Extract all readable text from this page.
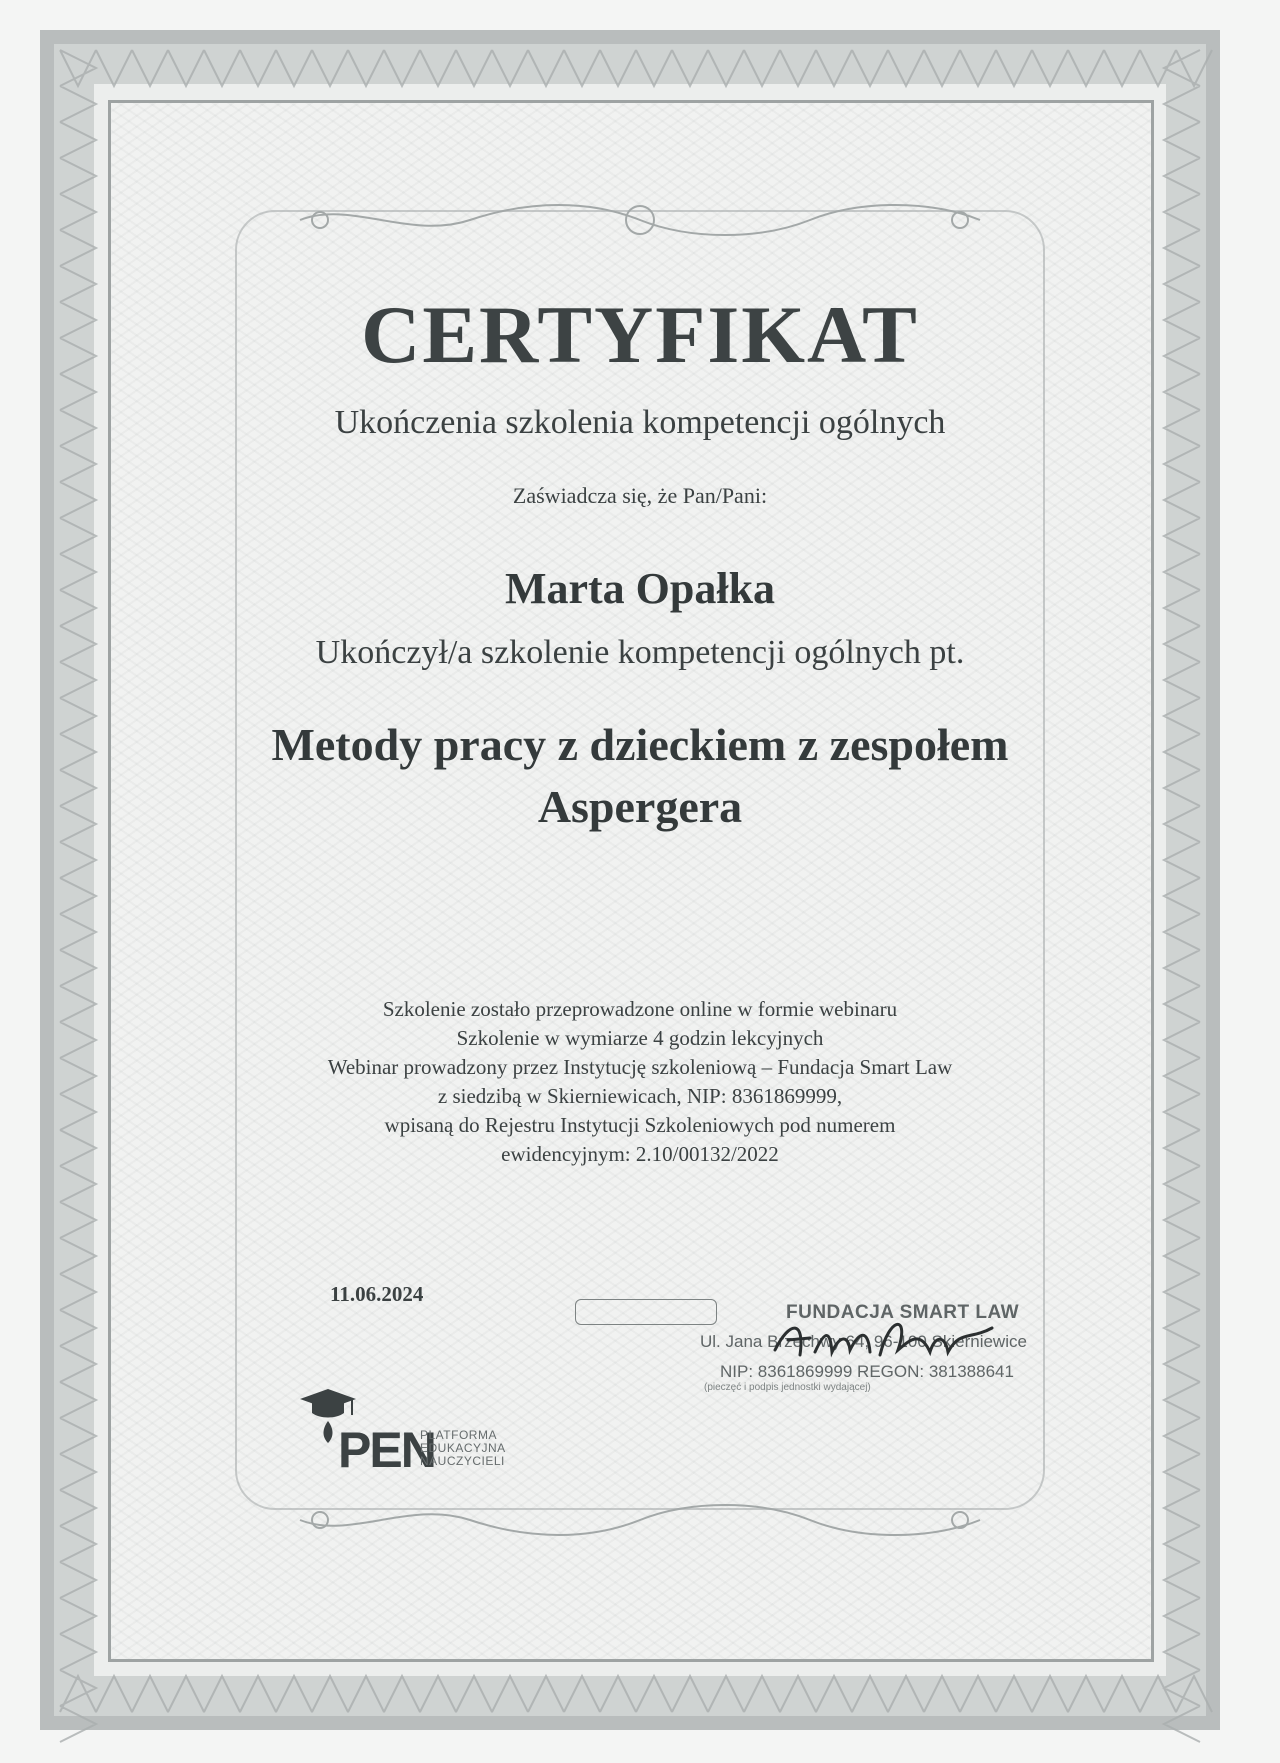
CERTYFIKAT
Ukończenia szkolenia kompetencji ogólnych
Zaświadcza się, że Pan/Pani:
Marta Opałka
Ukończył/a szkolenie kompetencji ogólnych pt.
Metody pracy z dzieckiem z zespołem
Aspergera
Szkolenie zostało przeprowadzone online w formie webinaru
Szkolenie w wymiarze 4 godzin lekcyjnych
Webinar prowadzony przez Instytucję szkoleniową – Fundacja Smart Law
z siedzibą w Skierniewicach, NIP: 8361869999,
wpisaną do Rejestru Instytucji Szkoleniowych pod numerem
ewidencyjnym: 2.10/00132/2022
11.06.2024
FUNDACJA SMART LAW
Ul. Jana Brzechwy 64, 96-100 Skierniewice
NIP: 8361869999 REGON: 381388641
(pieczęć i podpis jednostki wydającej)
PEN
PLATFORMA
EDUKACYJNA
NAUCZYCIELI
